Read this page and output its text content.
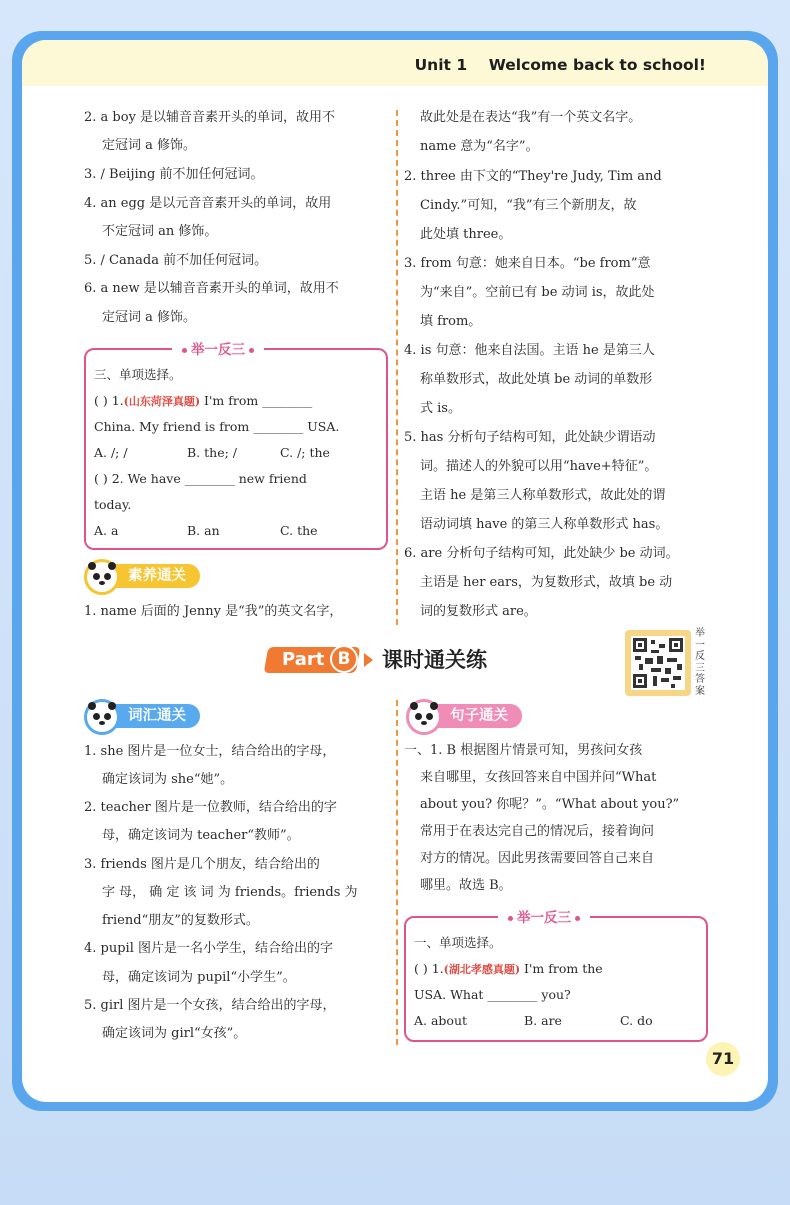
Unit 1    Welcome back to school!
2. a boy 是以辅音音素开头的单词，故用不
定冠词 a 修饰。
3. / Beijing 前不加任何冠词。
4. an egg 是以元音音素开头的单词，故用
不定冠词 an 修饰。
5. / Canada 前不加任何冠词。
6. a new 是以辅音音素开头的单词，故用不
定冠词 a 修饰。
举一反三
三、单项选择。
( ) 1.(山东菏泽真题) I'm from ________
China. My friend is from ________ USA.
A. /; /	B. the; /	C. /; the
( ) 2. We have ________ new friend
today.
A. a	B. an	C. the
素养通关
1. name 后面的 Jenny 是“我”的英文名字，
故此处是在表达“我”有一个英文名字。
name 意为“名字”。
2. three 由下文的“They're Judy, Tim and
Cindy.”可知，“我”有三个新朋友，故
此处填 three。
3. from 句意：她来自日本。“be from”意
为“来自”。空前已有 be 动词 is，故此处
填 from。
4. is 句意：他来自法国。主语 he 是第三人
称单数形式，故此处填 be 动词的单数形
式 is。
5. has 分析句子结构可知，此处缺少谓语动
词。描述人的外貌可以用“have+特征”。
主语 he 是第三人称单数形式，故此处的谓
语动词填 have 的第三人称单数形式 has。
6. are 分析句子结构可知，此处缺少 be 动词。
主语是 her ears，为复数形式，故填 be 动
词的复数形式 are。
Part B	课时通关练
举一反三答案
词汇通关
1. she 图片是一位女士，结合给出的字母，
确定该词为 she“她”。
2. teacher 图片是一位教师，结合给出的字
母，确定该词为 teacher“教师”。
3. friends 图片是几个朋友，结合给出的
字 母， 确 定 该 词 为 friends。friends 为
friend“朋友”的复数形式。
4. pupil 图片是一名小学生，结合给出的字
母，确定该词为 pupil“小学生”。
5. girl 图片是一个女孩，结合给出的字母，
确定该词为 girl“女孩”。
句子通关
一、1. B 根据图片情景可知，男孩问女孩
来自哪里，女孩回答来自中国并问“What
about you? 你呢？”。“What about you?”
常用于在表达完自己的情况后，接着询问
对方的情况。因此男孩需要回答自己来自
哪里。故选 B。
举一反三
一、单项选择。
( ) 1.(湖北孝感真题) I'm from the
USA. What ________ you?
A. about	B. are	C. do
71
